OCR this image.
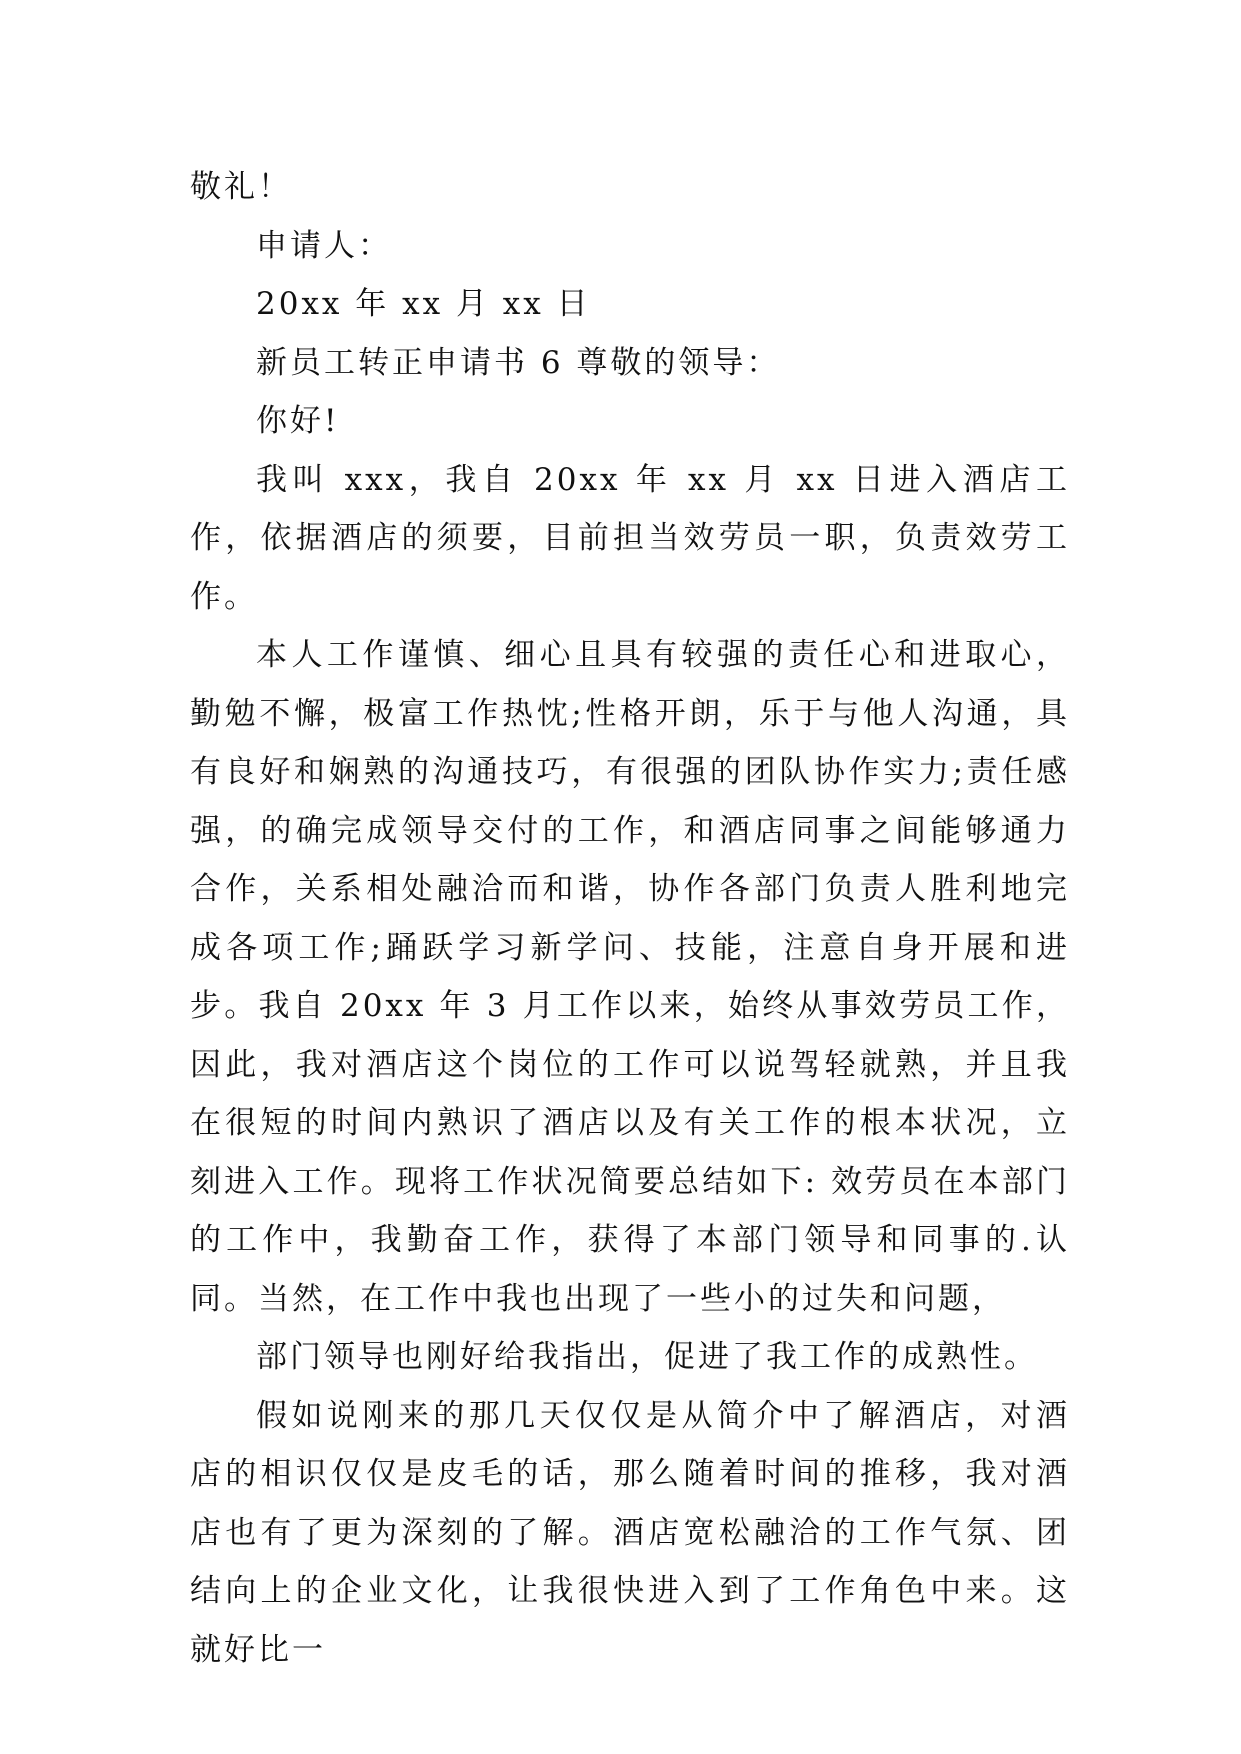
敬礼！

申请人：

20xx 年 xx 月 xx 日

新员工转正申请书 6 尊敬的领导：

你好!

我叫 xxx，我自 20xx 年 xx 月 xx 日进入酒店工作，依据酒店的须要，目前担当效劳员一职，负责效劳工作。

本人工作谨慎、细心且具有较强的责任心和进取心，勤勉不懈，极富工作热忱;性格开朗，乐于与他人沟通，具有良好和娴熟的沟通技巧，有很强的团队协作实力;责任感强，的确完成领导交付的工作，和酒店同事之间能够通力合作，关系相处融洽而和谐，协作各部门负责人胜利地完成各项工作;踊跃学习新学问、技能，注意自身开展和进步。我自 20xx 年 3 月工作以来，始终从事效劳员工作，因此，我对酒店这个岗位的工作可以说驾轻就熟，并且我在很短的时间内熟识了酒店以及有关工作的根本状况，立刻进入工作。现将工作状况简要总结如下: 效劳员在本部门的工作中，我勤奋工作，获得了本部门领导和同事的.认同。当然，在工作中我也出现了一些小的过失和问题，

部门领导也刚好给我指出，促进了我工作的成熟性。

假如说刚来的那几天仅仅是从简介中了解酒店，对酒店的相识仅仅是皮毛的话，那么随着时间的推移，我对酒店也有了更为深刻的了解。酒店宽松融洽的工作气氛、团结向上的企业文化，让我很快进入到了工作角色中来。这就好比一
